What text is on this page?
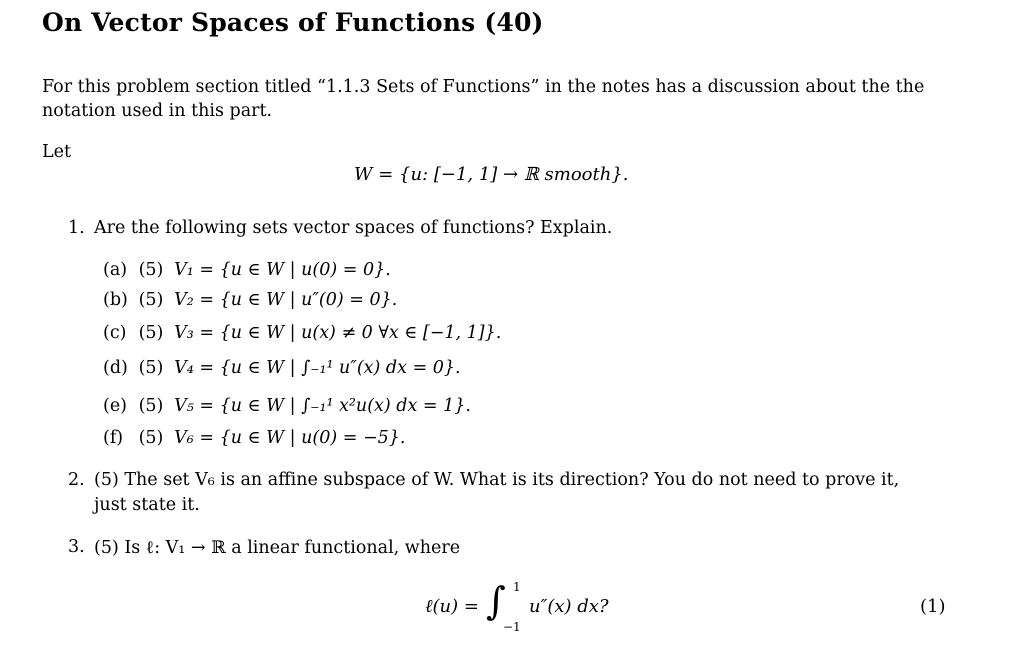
On Vector Spaces of Functions (40)
For this problem section titled “1.1.3 Sets of Functions” in the notes has a discussion about the the notation used in this part.
Let
W = {u: [−1, 1] → ℝ smooth}.
1. Are the following sets vector spaces of functions? Explain.
(a) (5) V₁ = {u ∈ W | u(0) = 0}.
(b) (5) V₂ = {u ∈ W | u″(0) = 0}.
(c) (5) V₃ = {u ∈ W | u(x) ≠ 0 ∀x ∈ [−1, 1]}.
(d) (5) V₄ = {u ∈ W | ∫₋₁¹ u″(x) dx = 0}.
(e) (5) V₅ = {u ∈ W | ∫₋₁¹ x²u(x) dx = 1}.
(f) (5) V₆ = {u ∈ W | u(0) = −5}.
2. (5) The set V₆ is an affine subspace of W. What is its direction? You do not need to prove it,
just state it.
3. (5) Is ℓ: V₁ → ℝ a linear functional, where
ℓ(u) = ∫ 1
−1
u″(x) dx?	(1)
